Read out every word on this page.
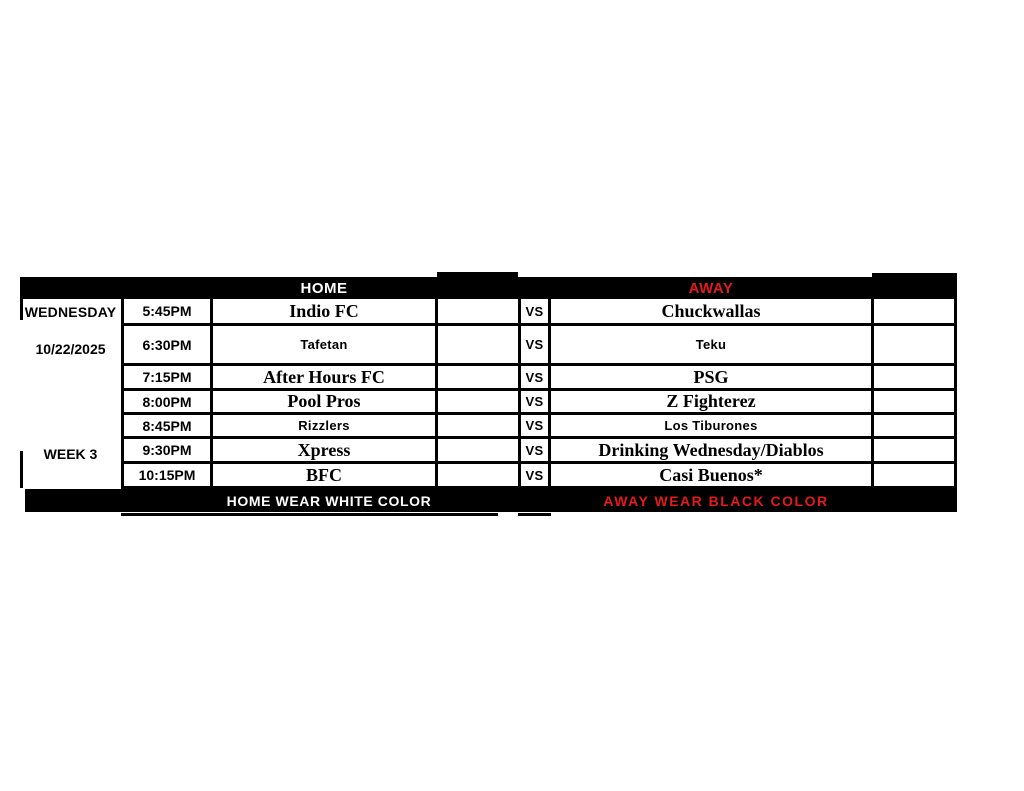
HOME	AWAY
WEDNESDAY
10/22/2025
WEEK 3
5:45PM	Indio FC	VS	Chuckwallas
6:30PM	Tafetan	VS	Teku
7:15PM	After Hours FC	VS	PSG
8:00PM	Pool Pros	VS	Z Fighterez
8:45PM	Rizzlers	VS	Los Tiburones
9:30PM	Xpress	VS	Drinking Wednesday/Diablos
10:15PM	BFC	VS	Casi Buenos*
HOME WEAR WHITE COLOR	AWAY WEAR BLACK COLOR
